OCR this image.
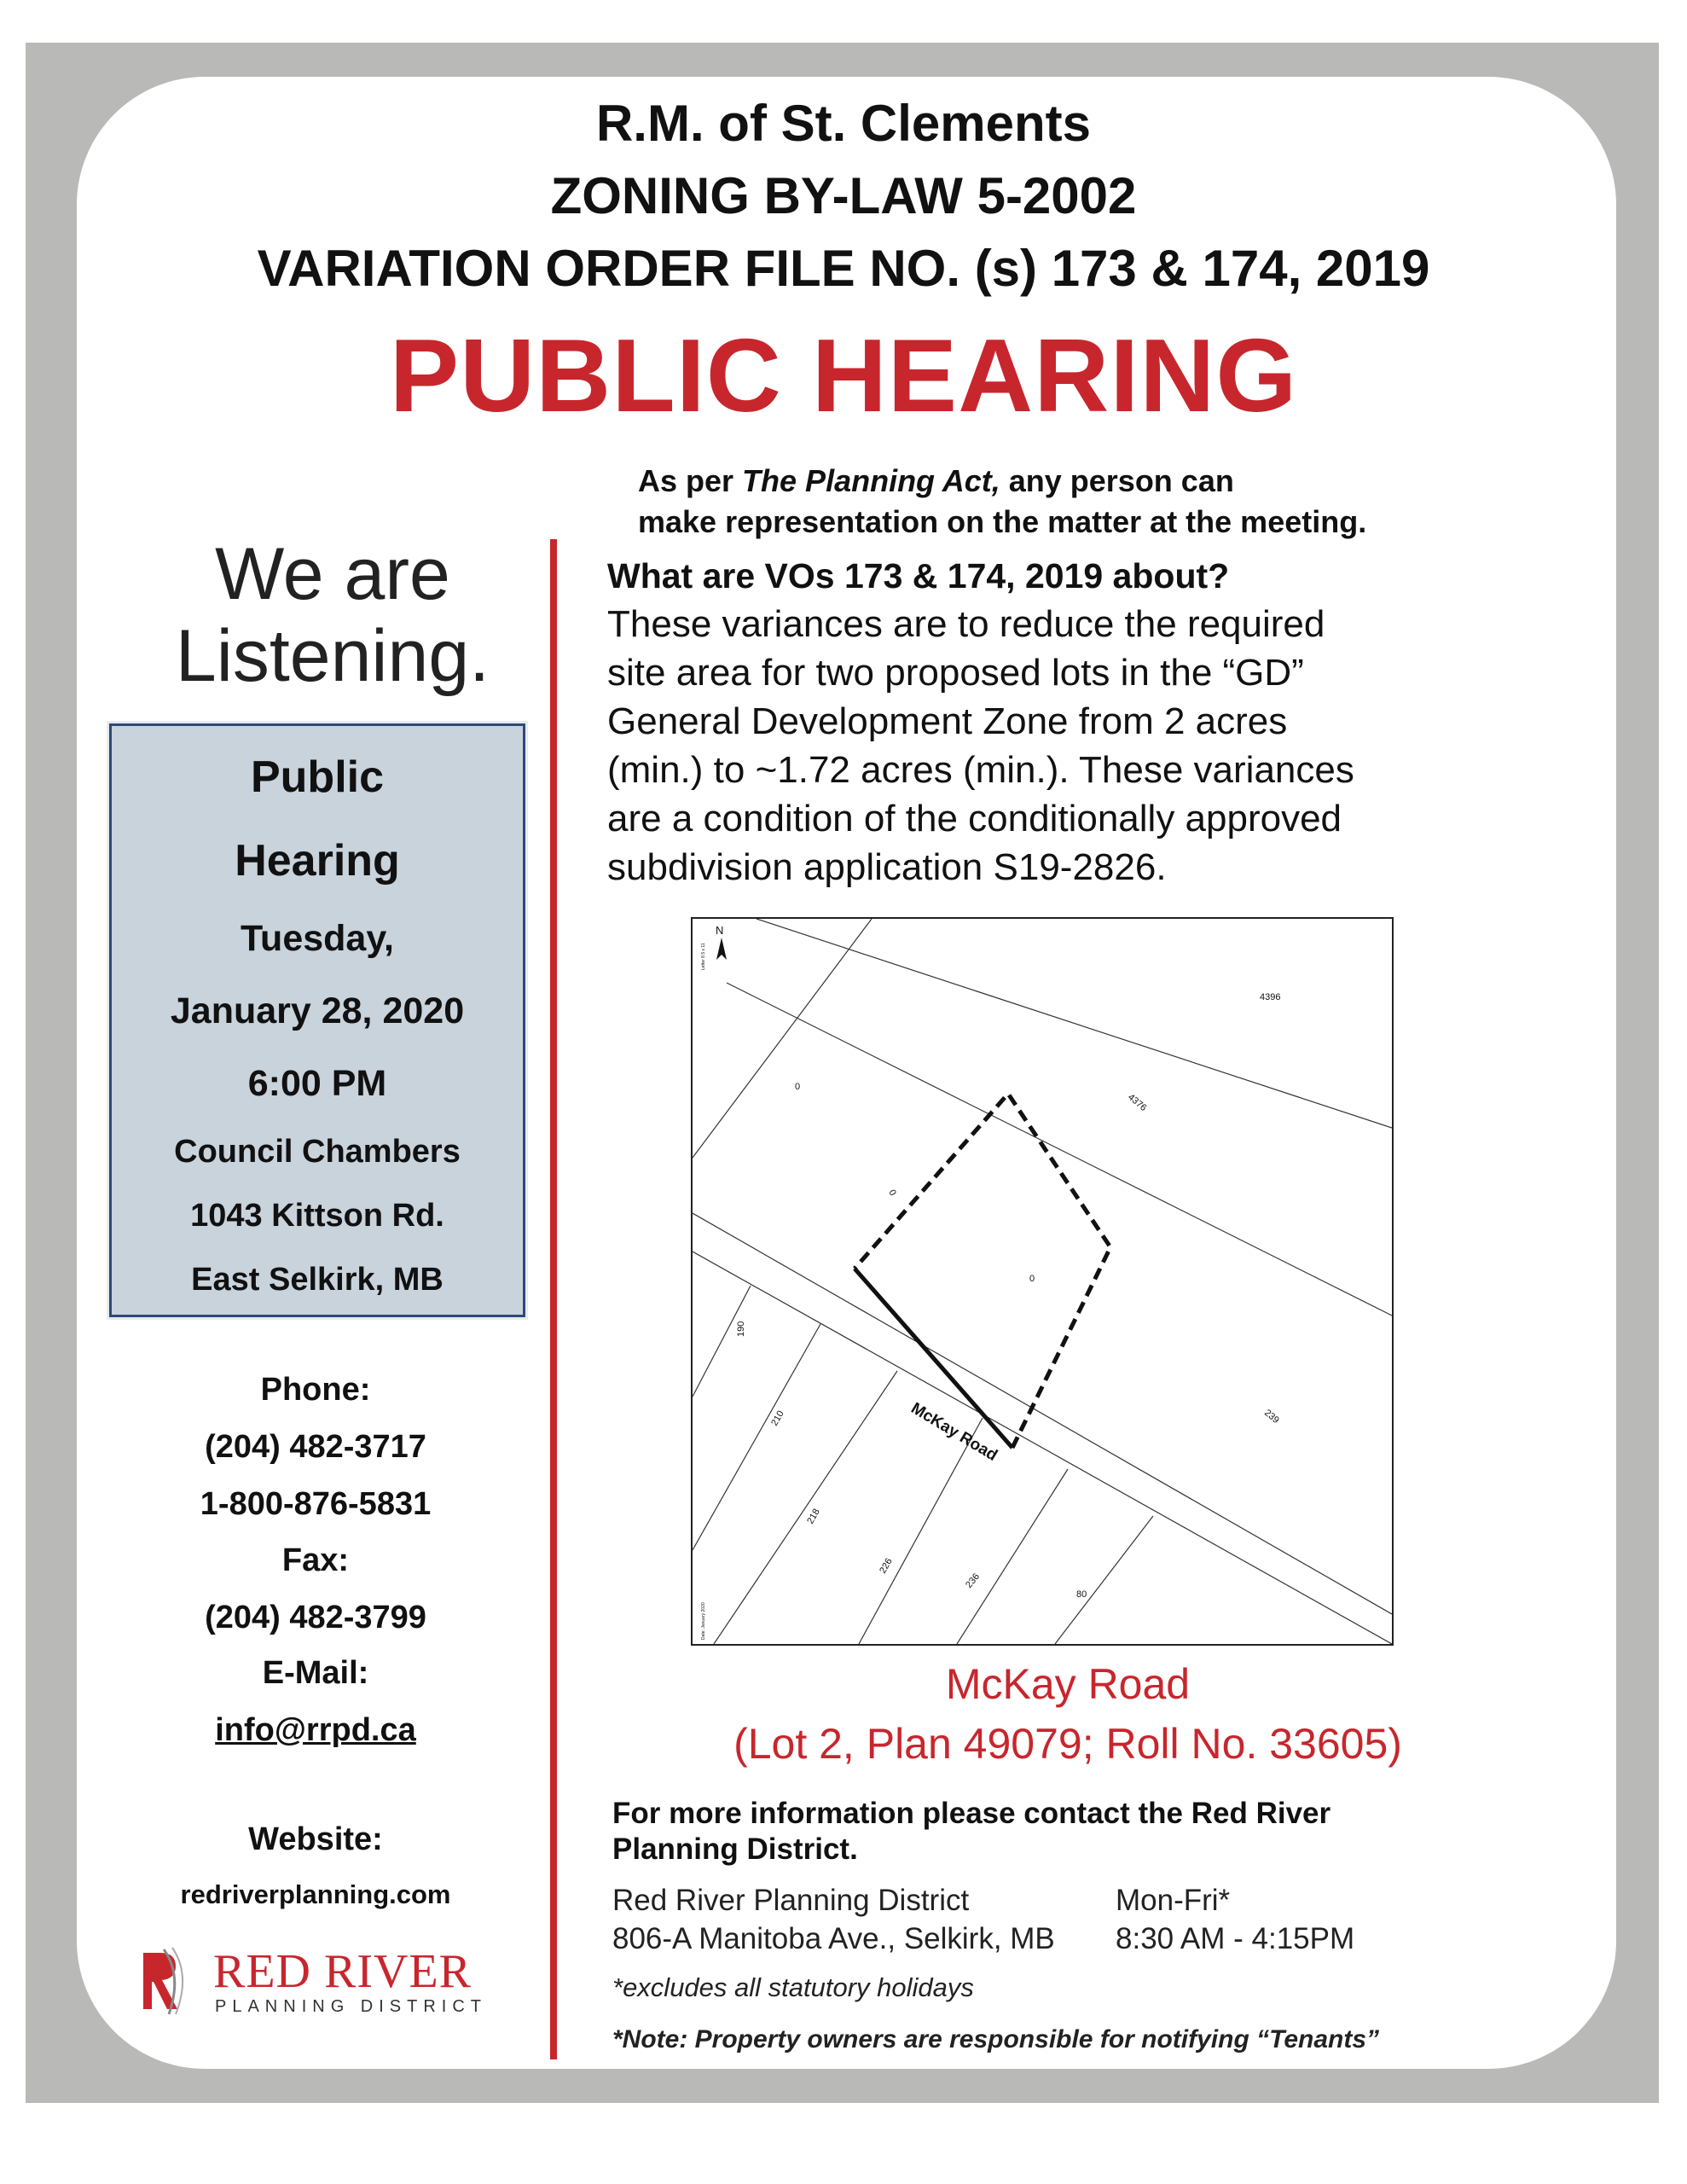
R.M. of St. Clements
ZONING BY-LAW 5-2002
VARIATION ORDER FILE NO. (s) 173 & 174, 2019
PUBLIC HEARING
As per The Planning Act, any person can
make representation on the matter at the meeting.
We are
Listening.
Public
Hearing
Tuesday,
January 28, 2020
6:00 PM
Council Chambers
1043 Kittson Rd.
East Selkirk, MB
Phone:
(204) 482-3717
1-800-876-5831
Fax:
(204) 482-3799
E-Mail:
info@rrpd.ca
Website:
redriverplanning.com
RED RIVER
PLANNING DISTRICT
What are VOs 173 & 174, 2019 about?
These variances are to reduce the required
site area for two proposed lots in the “GD”
General Development Zone from 2 acres
(min.) to ~1.72 acres (min.). These variances
are a condition of the conditionally approved
subdivision application S19-2826.
4396
4376
0
0
0
239
190
210
218
226
236
80
McKay Road
N
Letter 8.5 x 11
Date: January 2020
McKay Road
(Lot 2, Plan 49079; Roll No. 33605)
For more information please contact the Red River
Planning District.
Red River Planning District
806-A Manitoba Ave., Selkirk, MB
Mon-Fri*
8:30 AM - 4:15PM
*excludes all statutory holidays
*Note: Property owners are responsible for notifying “Tenants”
